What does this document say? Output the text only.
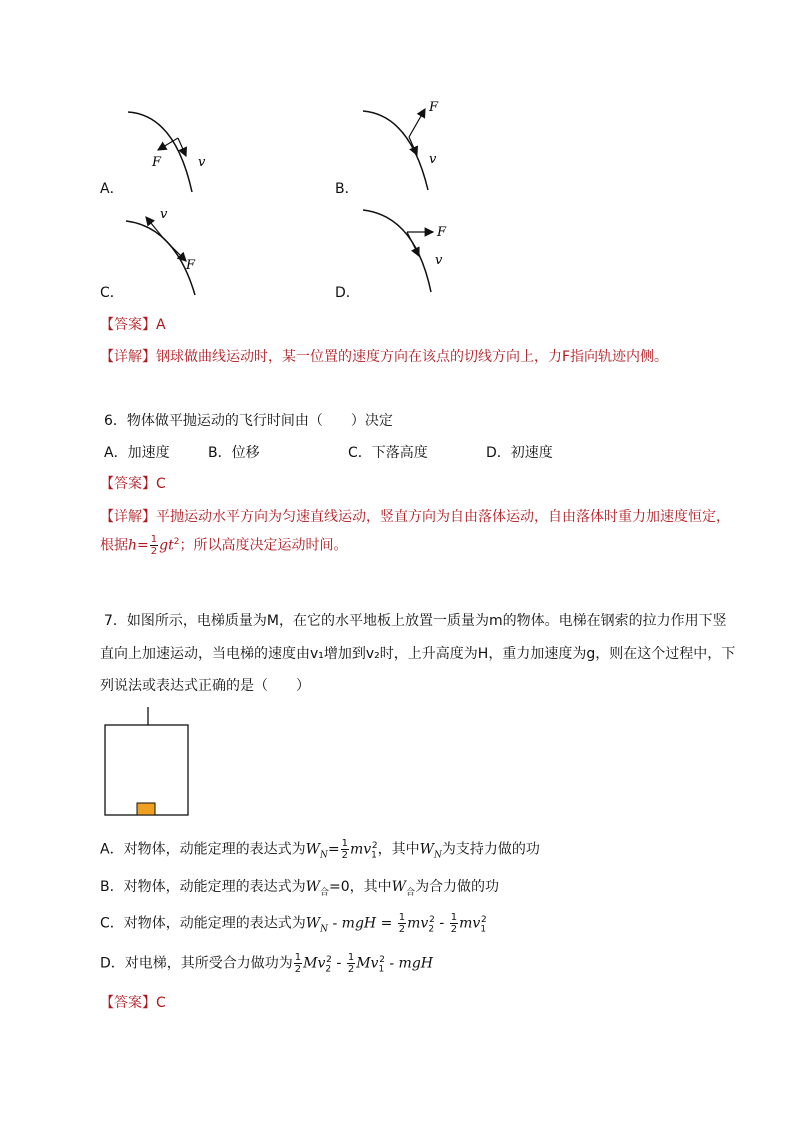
F	v
A．
F
v
B．
v
F
C．
F
v
D．
【答案】A
【详解】钢球做曲线运动时，某一位置的速度方向在该点的切线方向上，力F指向轨迹内侧。
6．物体做平抛运动的飞行时间由（　　）决定
A．加速度	B．位移	C．下落高度	D．初速度
【答案】C
【详解】平抛运动水平方向为匀速直线运动，竖直方向为自由落体运动，自由落体时重力加速度恒定，
根据$h= \frac{1}{2} gt^2$；所以高度决定运动时间。
7．如图所示，电梯质量为M，在它的水平地板上放置一质量为m的物体。电梯在钢索的拉力作用下竖
直向上加速运动，当电梯的速度由v₁增加到v₂时，上升高度为H，重力加速度为g，则在这个过程中，下
列说法或表达式正确的是（　　）
A．对物体，动能定理的表达式为$W_N= \frac{1}{2} mv_1^2$，其中$W_N$为支持力做的功
B．对物体，动能定理的表达式为$W_合=0$，其中$W_合$为合力做的功
C．对物体，动能定理的表达式为$W_N$ - mgH = $\frac{1}{2} mv_2^2 - \frac{1}{2} mv_1^2$
D．对电梯，其所受合力做功为 $\frac{1}{2} Mv_2^2 - \frac{1}{2} Mv_1^2$ - mgH
【答案】C
